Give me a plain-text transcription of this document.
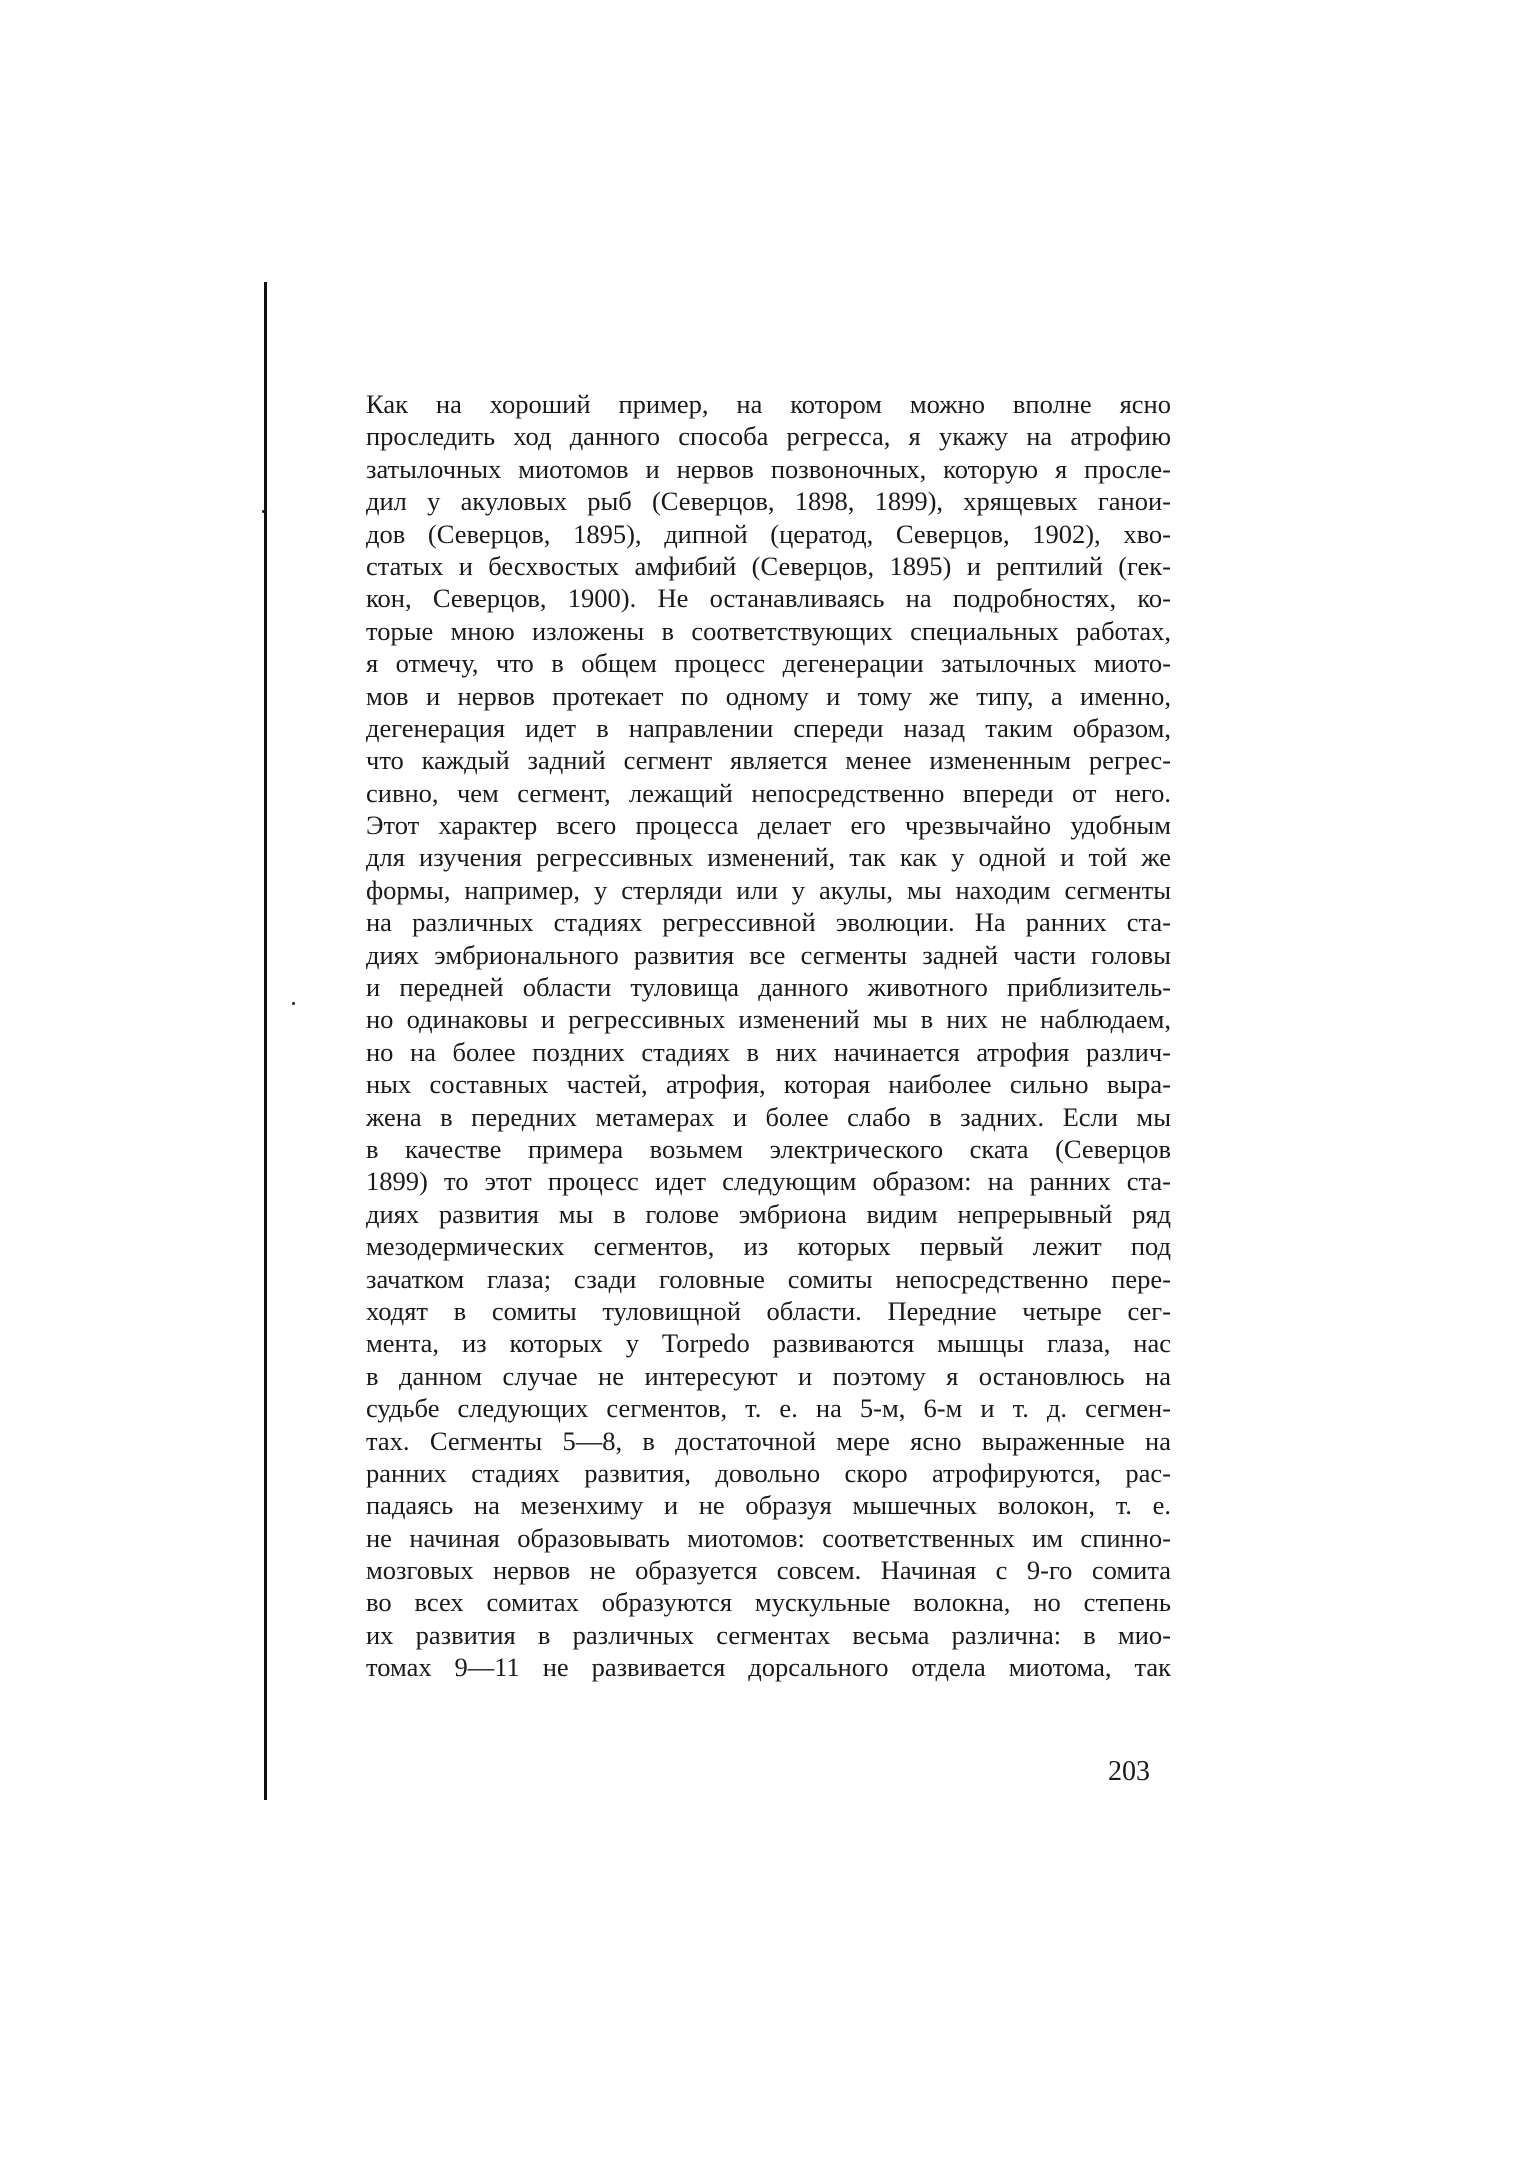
Как на хороший пример, на котором можно вполне ясно
проследить ход данного способа регресса, я укажу на атрофию
затылочных миотомов и нервов позвоночных, которую я просле-
дил у акуловых рыб (Северцов, 1898, 1899), хрящевых ганои-
дов (Северцов, 1895), дипной (цератод, Северцов, 1902), хво-
статых и бесхвостых амфибий (Северцов, 1895) и рептилий (гек-
кон, Северцов, 1900). Не останавливаясь на подробностях, ко-
торые мною изложены в соответствующих специальных работах,
я отмечу, что в общем процесс дегенерации затылочных миото-
мов и нервов протекает по одному и тому же типу, а именно,
дегенерация идет в направлении спереди назад таким образом,
что каждый задний сегмент является менее измененным регрес-
сивно, чем сегмент, лежащий непосредственно впереди от него.
Этот характер всего процесса делает его чрезвычайно удобным
для изучения регрессивных изменений, так как у одной и той же
формы, например, у стерляди или у акулы, мы находим сегменты
на различных стадиях регрессивной эволюции. На ранних ста-
диях эмбрионального развития все сегменты задней части головы
и передней области туловища данного животного приблизитель-
но одинаковы и регрессивных изменений мы в них не наблюдаем,
но на более поздних стадиях в них начинается атрофия различ-
ных составных частей, атрофия, которая наиболее сильно выра-
жена в передних метамерах и более слабо в задних. Если мы
в качестве примера возьмем электрического ската (Северцов
1899) то этот процесс идет следующим образом: на ранних ста-
диях развития мы в голове эмбриона видим непрерывный ряд
мезодермических сегментов, из которых первый лежит под
зачатком глаза; сзади головные сомиты непосредственно пере-
ходят в сомиты туловищной области. Передние четыре сег-
мента, из которых у Torpedo развиваются мышцы глаза, нас
в данном случае не интересуют и поэтому я остановлюсь на
судьбе следующих сегментов, т. е. на 5-м, 6-м и т. д. сегмен-
тах. Сегменты 5—8, в достаточной мере ясно выраженные на
ранних стадиях развития, довольно скоро атрофируются, рас-
падаясь на мезенхиму и не образуя мышечных волокон, т. е.
не начиная образовывать миотомов: соответственных им спинно-
мозговых нервов не образуется совсем. Начиная с 9-го сомита
во всех сомитах образуются мускульные волокна, но степень
их развития в различных сегментах весьма различна: в мио-
томах 9—11 не развивается дорсального отдела миотома, так
203
